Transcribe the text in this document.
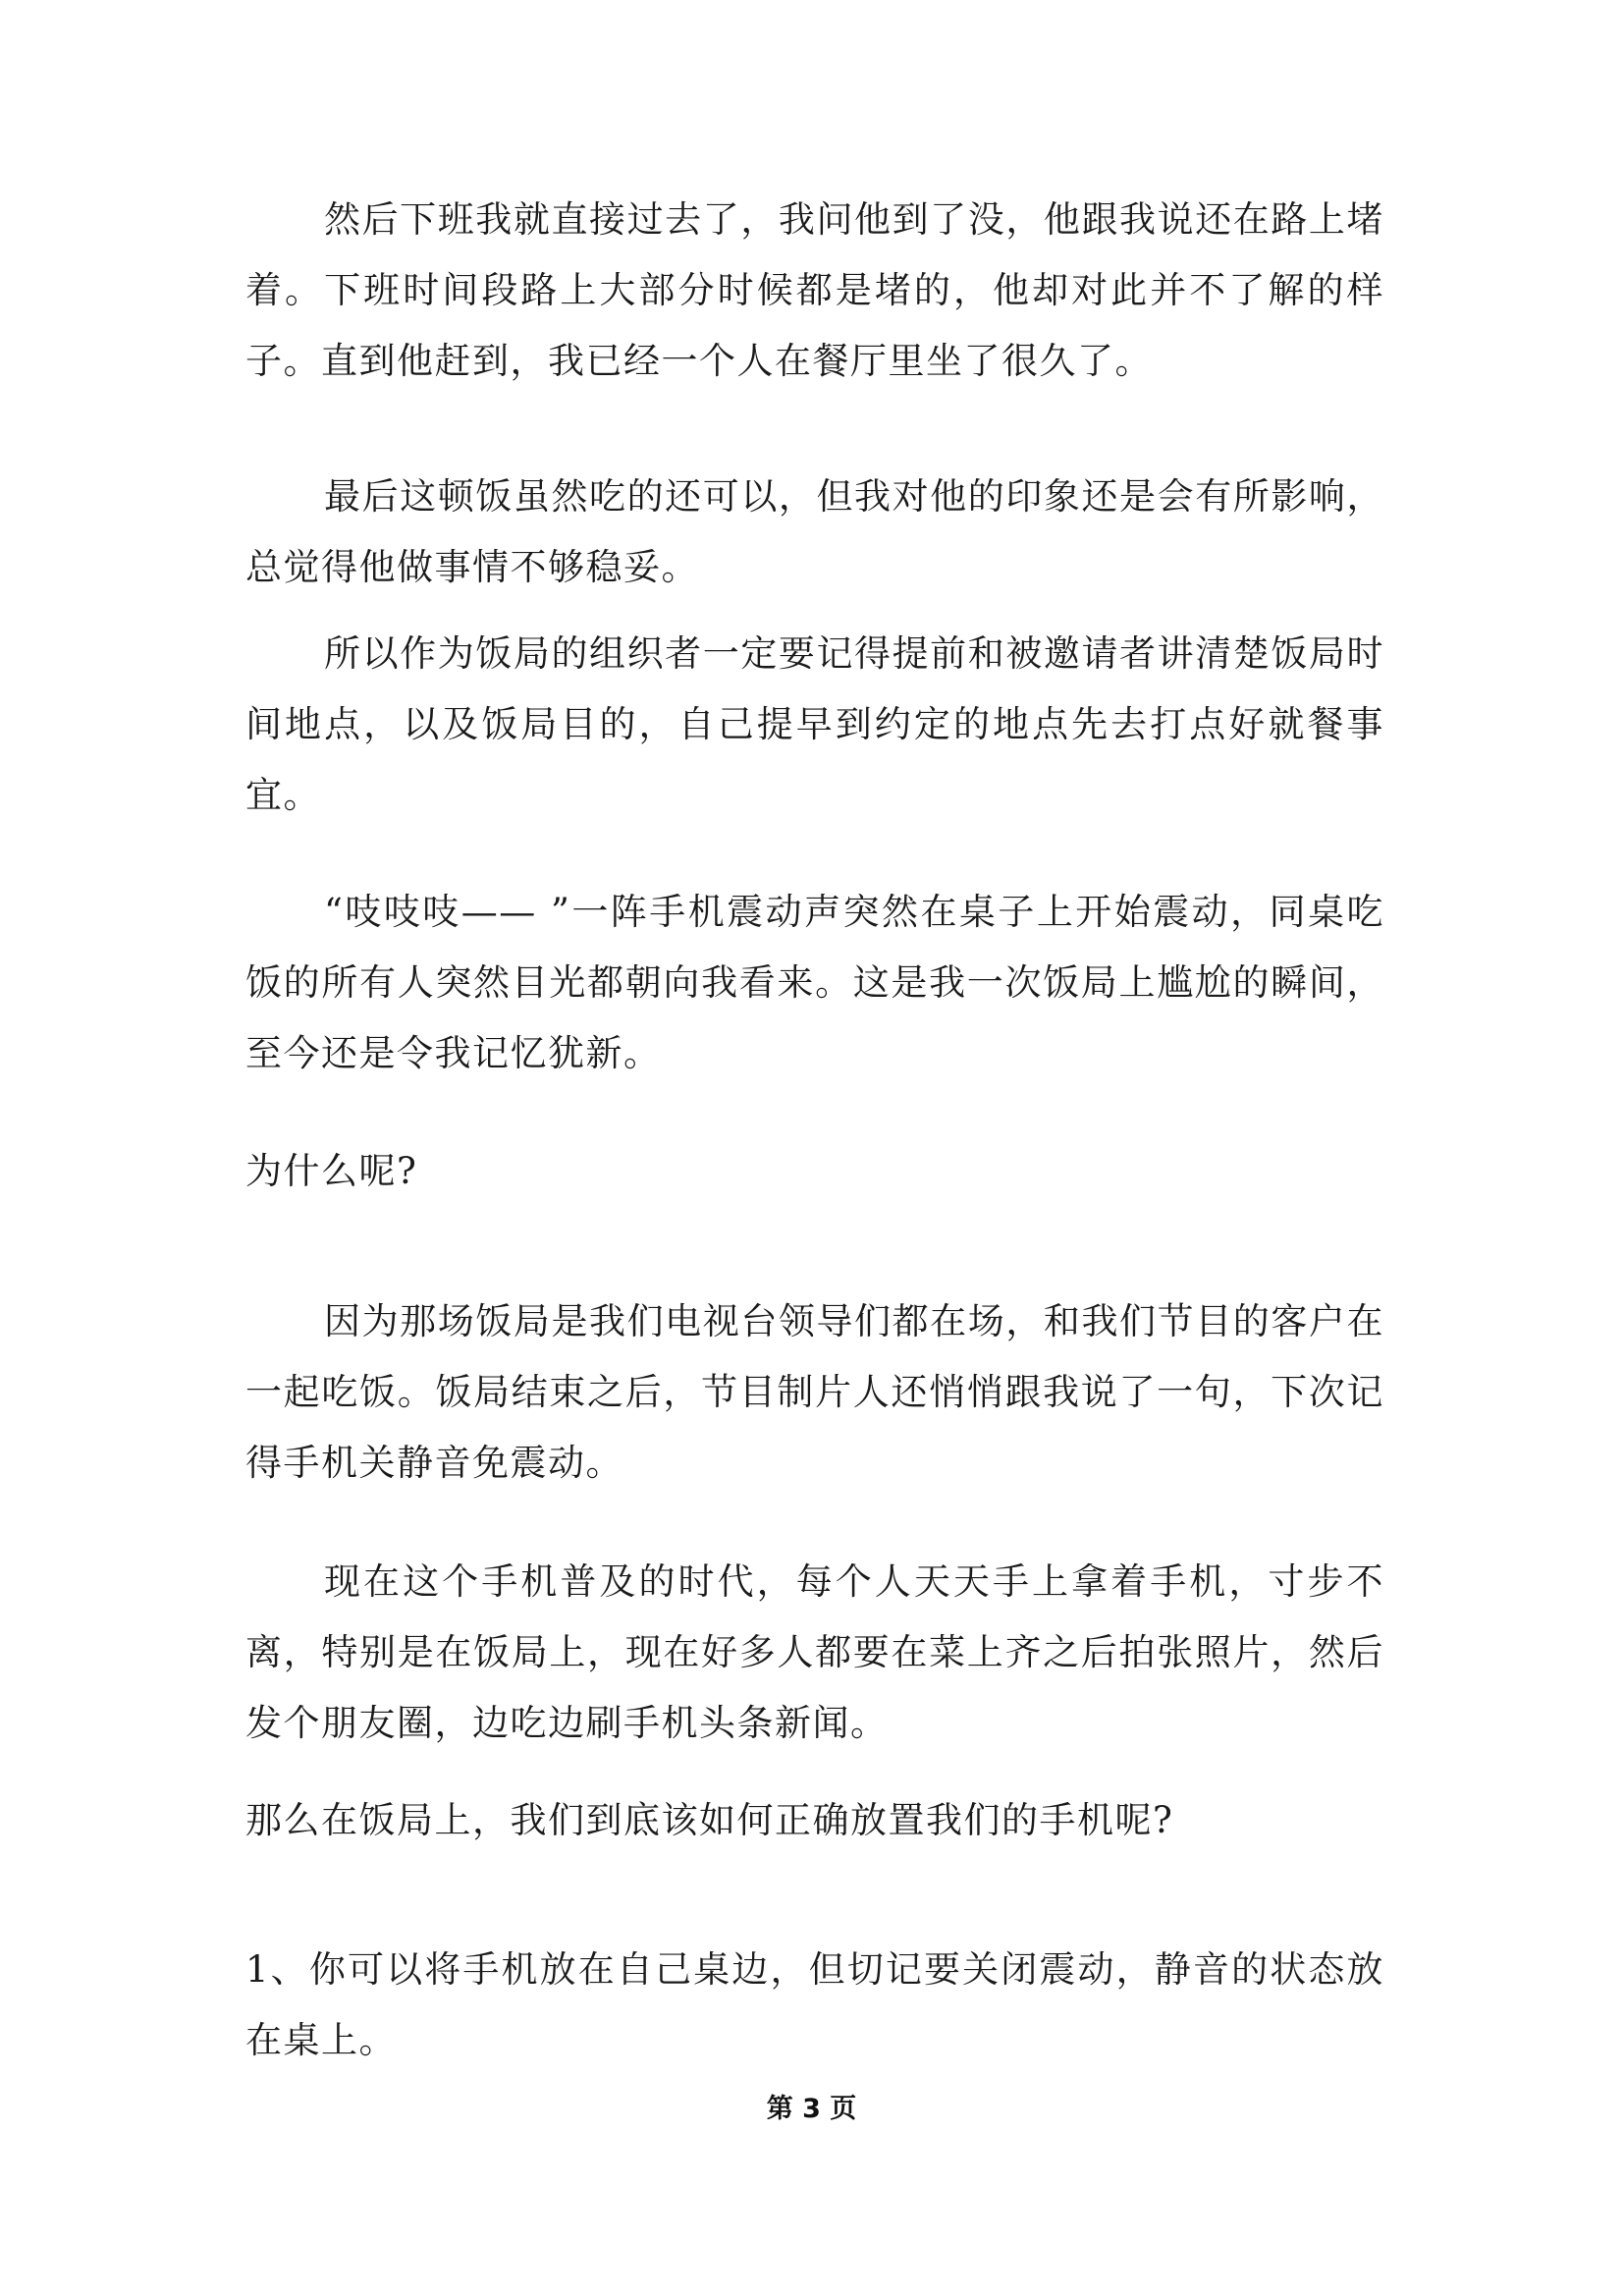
然后下班我就直接过去了，我问他到了没，他跟我说还在路上堵着。下班时间段路上大部分时候都是堵的，他却对此并不了解的样子。直到他赶到，我已经一个人在餐厅里坐了很久了。

最后这顿饭虽然吃的还可以，但我对他的印象还是会有所影响，总觉得他做事情不够稳妥。

所以作为饭局的组织者一定要记得提前和被邀请者讲清楚饭局时间地点，以及饭局目的，自己提早到约定的地点先去打点好就餐事宜。

“吱吱吱—— ”一阵手机震动声突然在桌子上开始震动，同桌吃饭的所有人突然目光都朝向我看来。这是我一次饭局上尴尬的瞬间，至今还是令我记忆犹新。

为什么呢?

因为那场饭局是我们电视台领导们都在场，和我们节目的客户在一起吃饭。饭局结束之后，节目制片人还悄悄跟我说了一句，下次记得手机关静音免震动。

现在这个手机普及的时代，每个人天天手上拿着手机，寸步不离，特别是在饭局上，现在好多人都要在菜上齐之后拍张照片，然后发个朋友圈，边吃边刷手机头条新闻。

那么在饭局上，我们到底该如何正确放置我们的手机呢?

1、你可以将手机放在自己桌边，但切记要关闭震动，静音的状态放在桌上。

第 3 页
